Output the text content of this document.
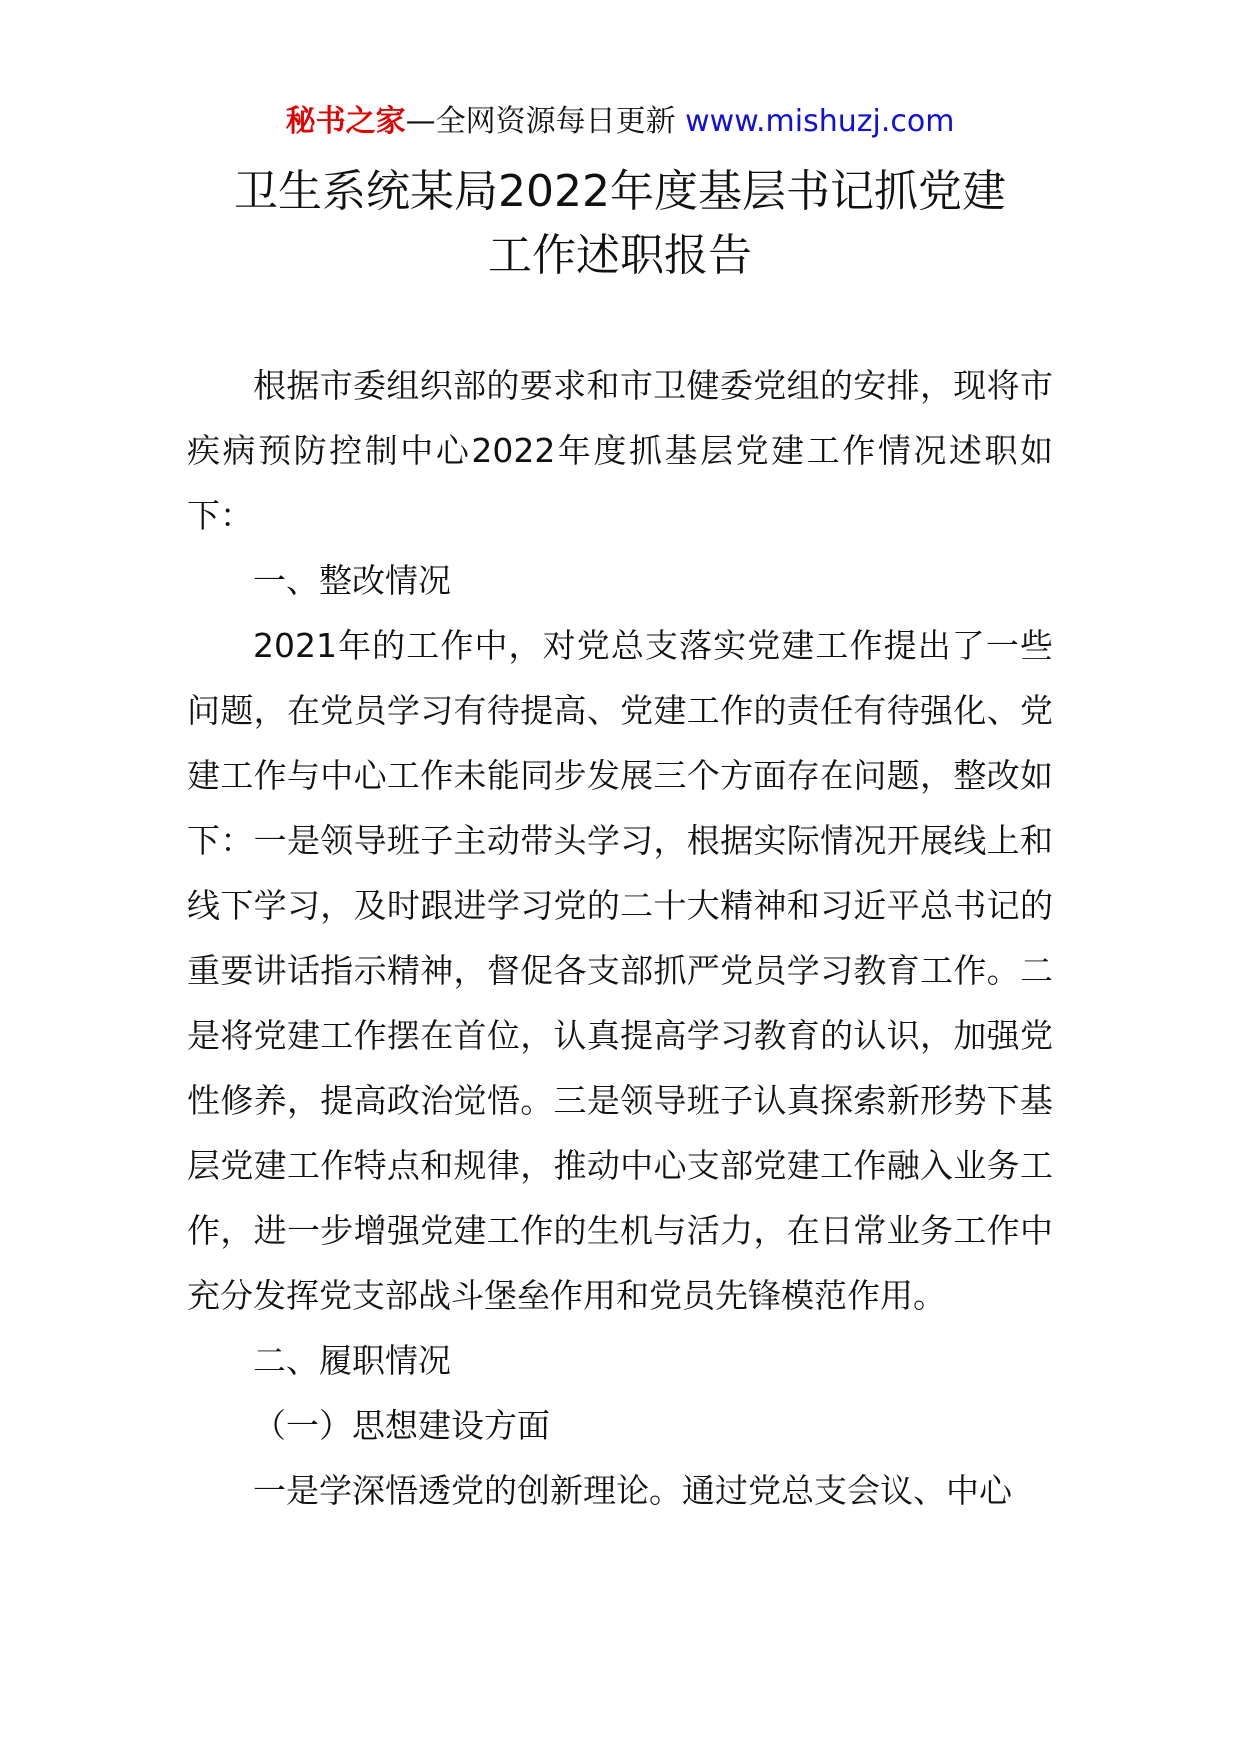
秘书之家—全网资源每日更新 www.mishuzj.com
卫生系统某局2022年度基层书记抓党建
工作述职报告

根据市委组织部的要求和市卫健委党组的安排，现将市疾病预防控制中心2022年度抓基层党建工作情况述职如下：

一、整改情况

2021年的工作中，对党总支落实党建工作提出了一些问题，在党员学习有待提高、党建工作的责任有待强化、党建工作与中心工作未能同步发展三个方面存在问题，整改如下：一是领导班子主动带头学习，根据实际情况开展线上和线下学习，及时跟进学习党的二十大精神和习近平总书记的重要讲话指示精神，督促各支部抓严党员学习教育工作。二是将党建工作摆在首位，认真提高学习教育的认识，加强党性修养，提高政治觉悟。三是领导班子认真探索新形势下基层党建工作特点和规律，推动中心支部党建工作融入业务工作，进一步增强党建工作的生机与活力，在日常业务工作中充分发挥党支部战斗堡垒作用和党员先锋模范作用。

二、履职情况

（一）思想建设方面

一是学深悟透党的创新理论。通过党总支会议、中心
